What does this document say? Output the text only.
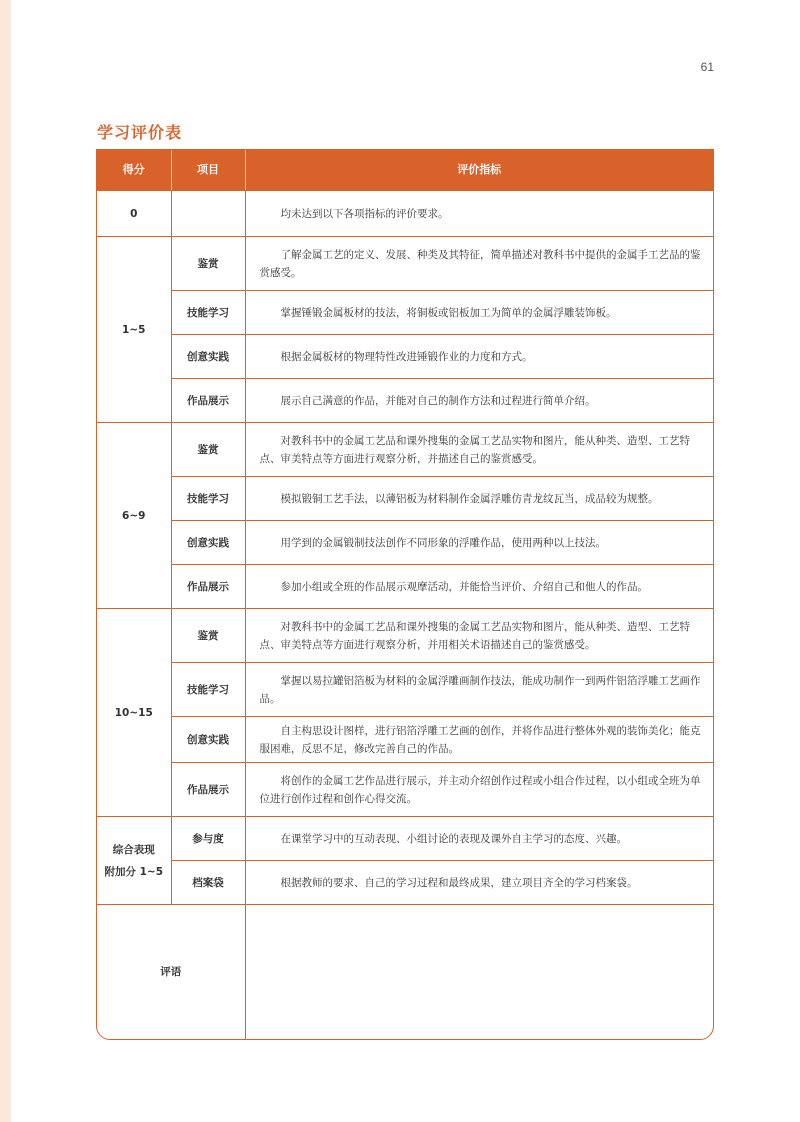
61
学习评价表
得分	项目	评价指标
0		均未达到以下各项指标的评价要求。
1~5	鉴赏	了解金属工艺的定义、发展、种类及其特征，简单描述对教科书中提供的金属手工艺品的鉴赏感受。
	技能学习	掌握锤锻金属板材的技法，将铜板或铝板加工为简单的金属浮雕装饰板。
	创意实践	根据金属板材的物理特性改进锤锻作业的力度和方式。
	作品展示	展示自己满意的作品，并能对自己的制作方法和过程进行简单介绍。
6~9	鉴赏	对教科书中的金属工艺品和课外搜集的金属工艺品实物和图片，能从种类、造型、工艺特点、审美特点等方面进行观察分析，并描述自己的鉴赏感受。
	技能学习	模拟锻铜工艺手法，以薄铝板为材料制作金属浮雕仿青龙纹瓦当，成品较为规整。
	创意实践	用学到的金属锻制技法创作不同形象的浮雕作品，使用两种以上技法。
	作品展示	参加小组或全班的作品展示观摩活动，并能恰当评价、介绍自己和他人的作品。
10~15	鉴赏	对教科书中的金属工艺品和课外搜集的金属工艺品实物和图片，能从种类、造型、工艺特点、审美特点等方面进行观察分析，并用相关术语描述自己的鉴赏感受。
	技能学习	掌握以易拉罐铝箔板为材料的金属浮雕画制作技法，能成功制作一到两件铝箔浮雕工艺画作品。
	创意实践	自主构思设计图样，进行铝箔浮雕工艺画的创作，并将作品进行整体外观的装饰美化；能克服困难，反思不足，修改完善自己的作品。
	作品展示	将创作的金属工艺作品进行展示，并主动介绍创作过程或小组合作过程，以小组或全班为单位进行创作过程和创作心得交流。

综合表现
附加分 1~5	参与度	在课堂学习中的互动表现、小组讨论的表现及课外自主学习的态度、兴趣。
	档案袋	根据教师的要求、自己的学习过程和最终成果，建立项目齐全的学习档案袋。
评语		
